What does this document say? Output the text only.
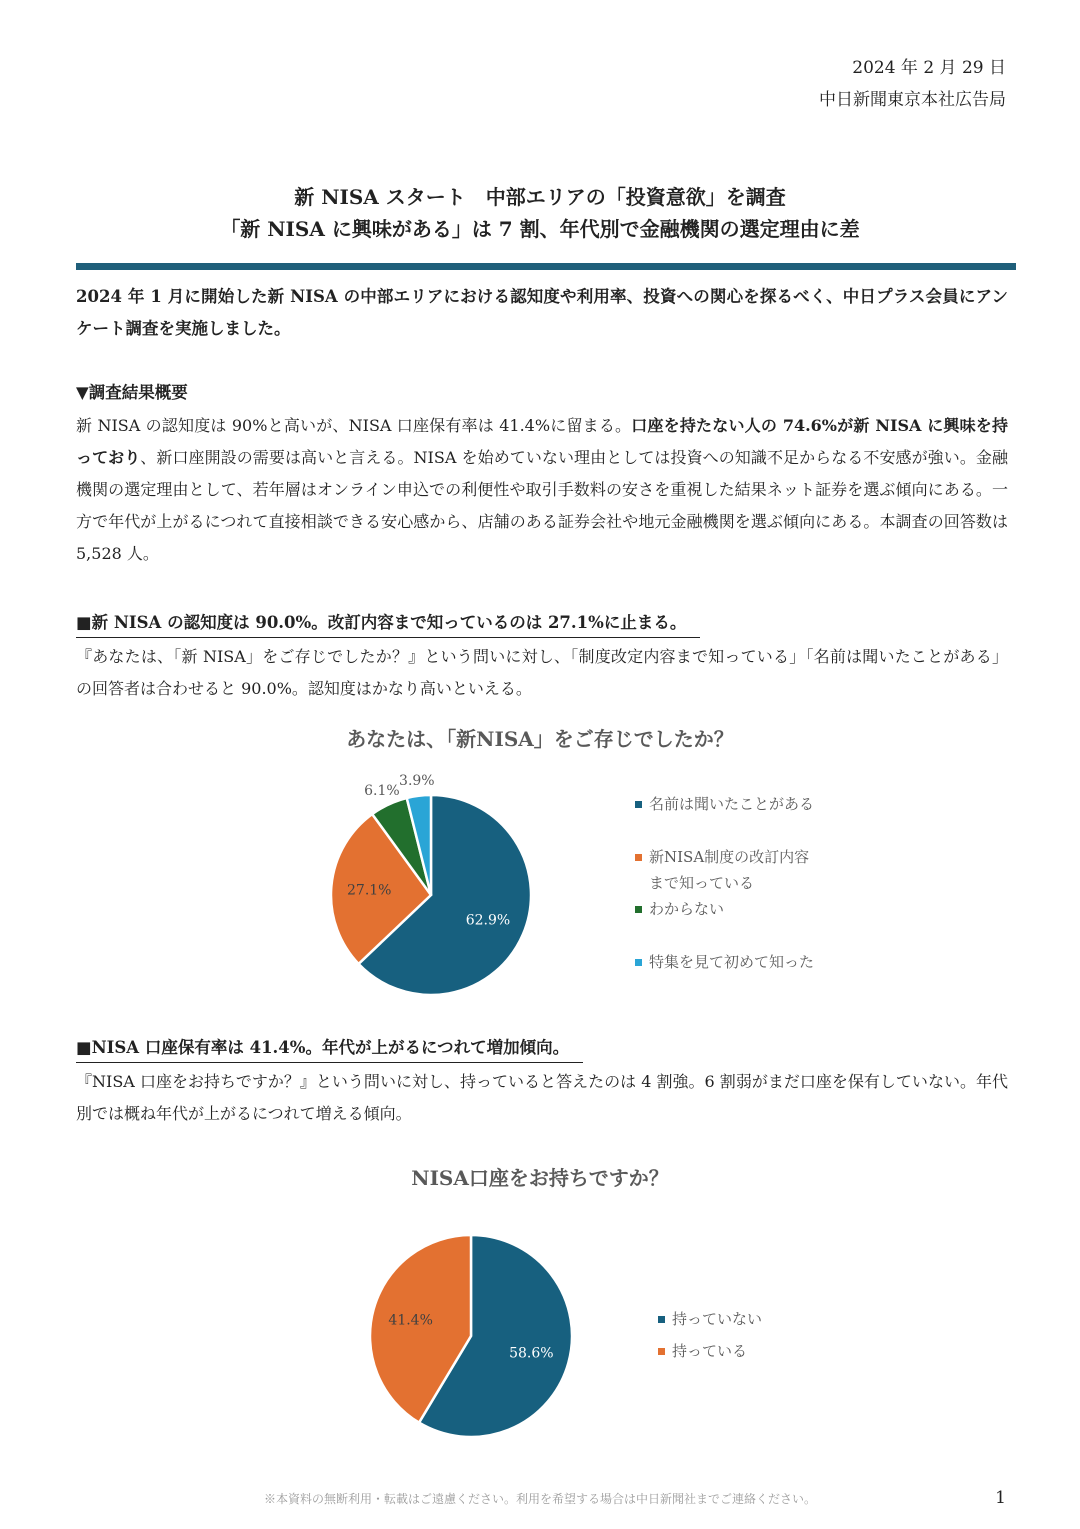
2024 年 2 月 29 日
中日新聞東京本社広告局
新 NISA スタート　中部エリアの「投資意欲」を調査
「新 NISA に興味がある」は 7 割、年代別で金融機関の選定理由に差
2024 年 1 月に開始した新 NISA の中部エリアにおける認知度や利用率、投資への関心を探るべく、中日プラス会員にアンケート調査を実施しました。
▼調査結果概要
新 NISA の認知度は 90%と高いが、NISA 口座保有率は 41.4%に留まる。口座を持たない人の 74.6%が新 NISA に興味を持っており、新口座開設の需要は高いと言える。NISA を始めていない理由としては投資への知識不足からなる不安感が強い。金融機関の選定理由として、若年層はオンライン申込での利便性や取引手数料の安さを重視した結果ネット証券を選ぶ傾向にある。一方で年代が上がるにつれて直接相談できる安心感から、店舗のある証券会社や地元金融機関を選ぶ傾向にある。本調査の回答数は 5,528 人。
■新 NISA の認知度は 90.0%。改訂内容まで知っているのは 27.1%に止まる。
『あなたは、「新 NISA」をご存じでしたか？』という問いに対し、「制度改定内容まで知っている」「名前は聞いたことがある」の回答者は合わせると 90.0%。認知度はかなり高いといえる。
あなたは、「新NISA」をご存じでしたか？
62.9%
27.1%
6.1%
3.9%
名前は聞いたことがある
新NISA制度の改訂内容
まで知っている
わからない
特集を見て初めて知った
■NISA 口座保有率は 41.4%。年代が上がるにつれて増加傾向。
『NISA 口座をお持ちですか？』という問いに対し、持っていると答えたのは 4 割強。6 割弱がまだ口座を保有していない。年代別では概ね年代が上がるにつれて増える傾向。
NISA口座をお持ちですか？
58.6%
41.4%	持っていない
持っている
※本資料の無断利用・転載はご遠慮ください。利用を希望する場合は中日新聞社までご連絡ください。	1
